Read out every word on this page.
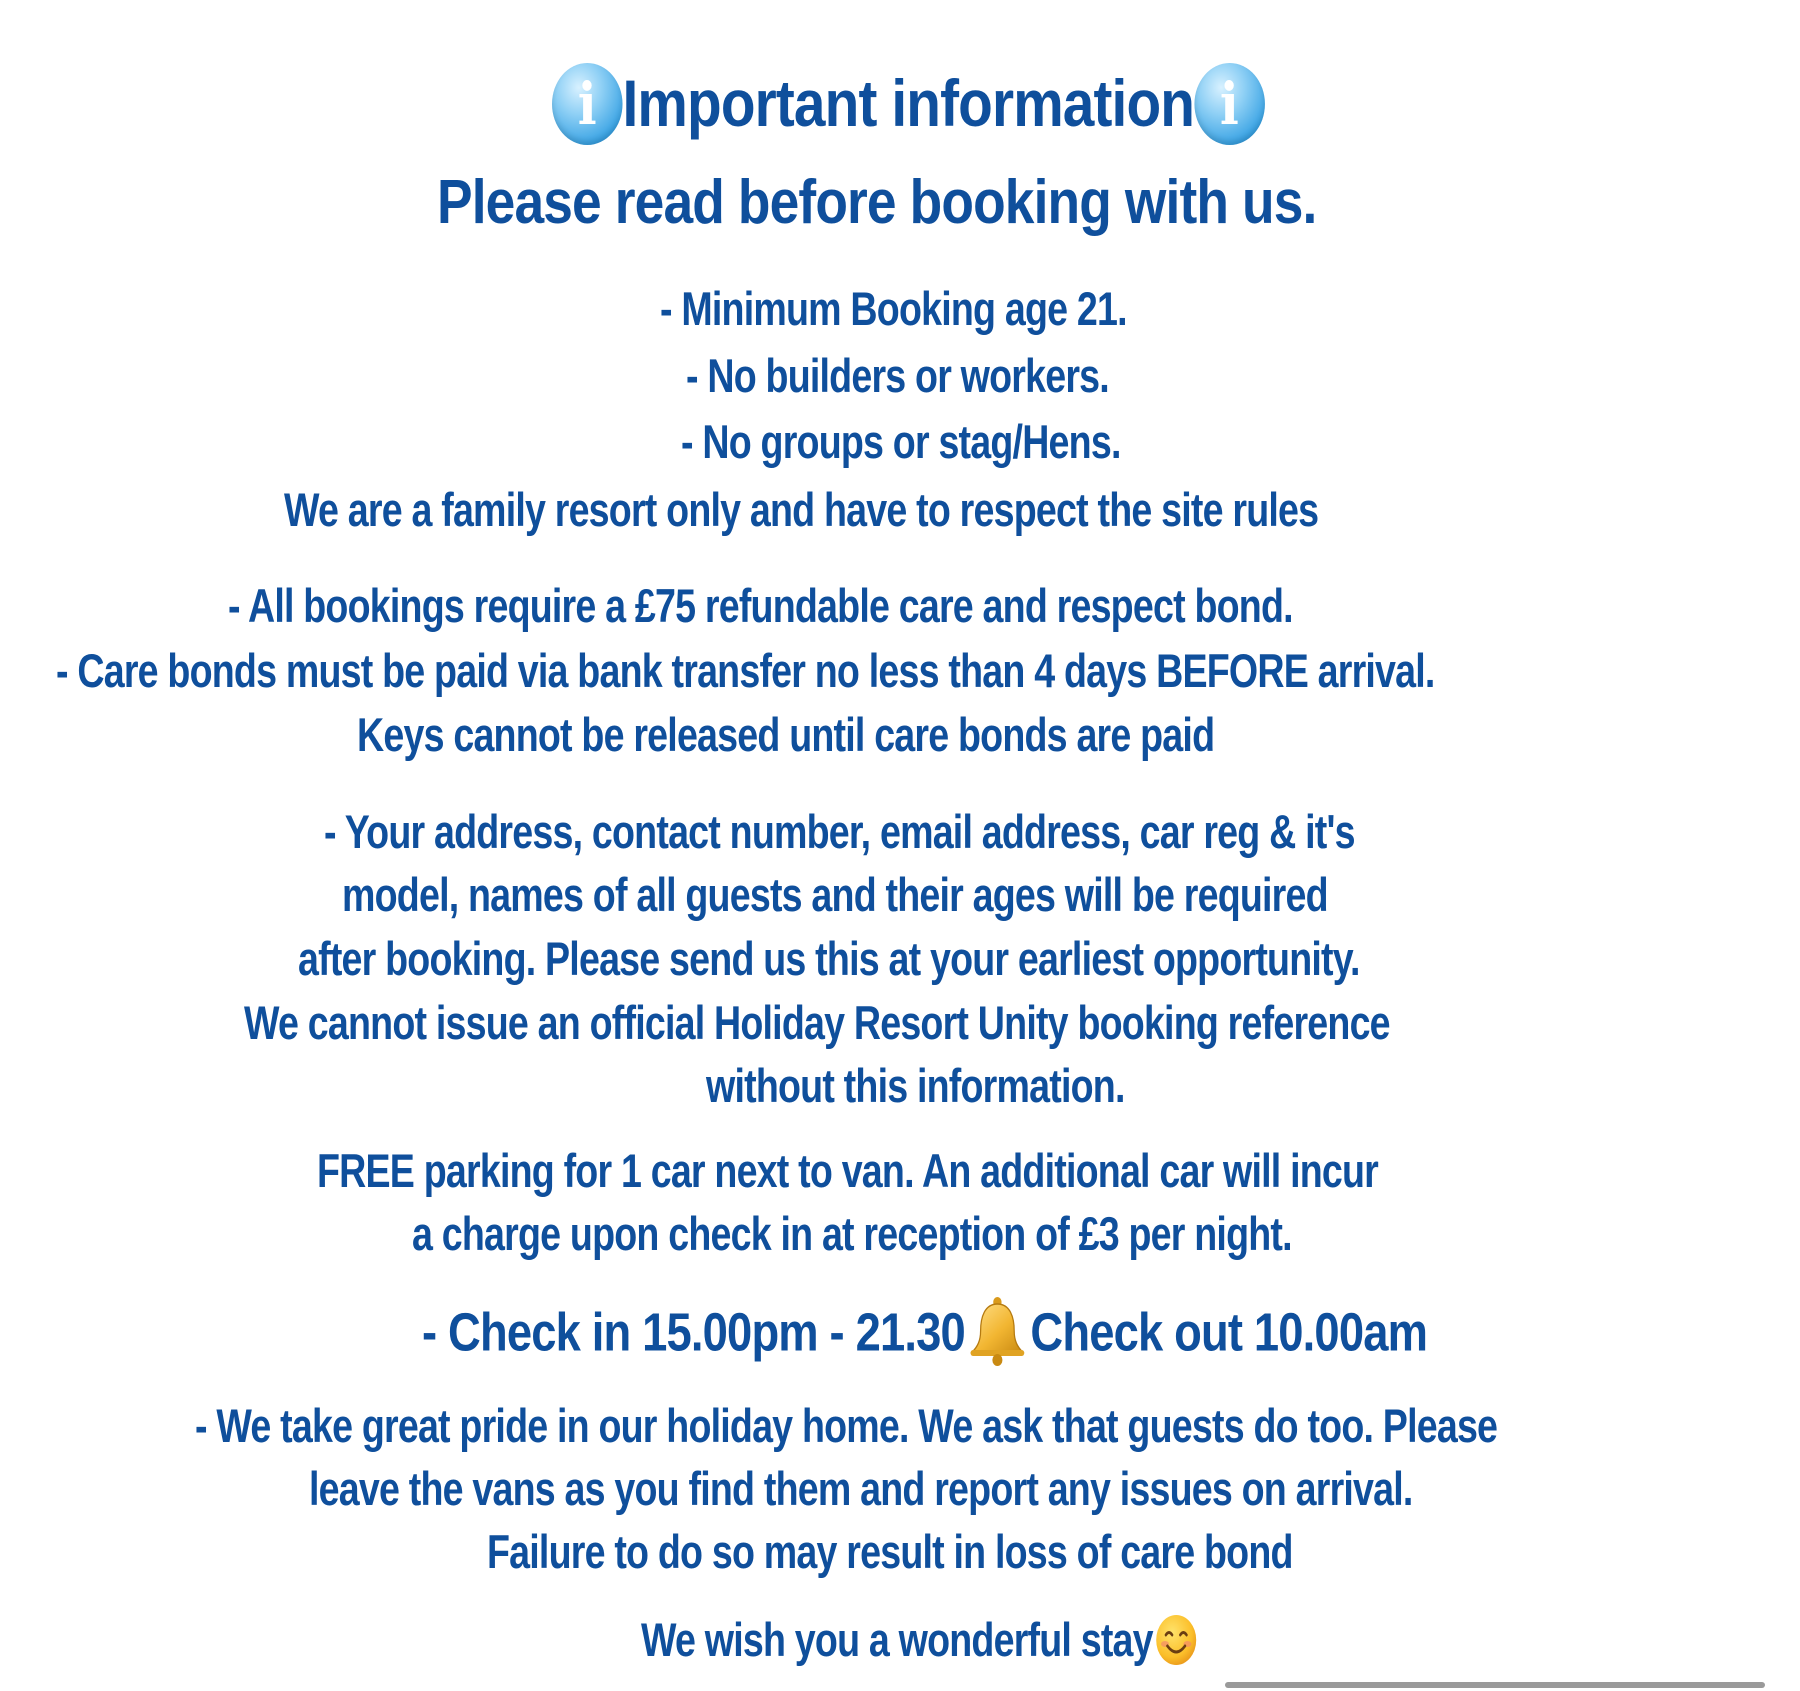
i Important information i
Please read before booking with us.
- Minimum Booking age 21.
- No builders or workers.
- No groups or stag/Hens.
We are a family resort only and have to respect the site rules
- All bookings require a £75 refundable care and respect bond.
- Care bonds must be paid via bank transfer no less than 4 days BEFORE arrival.
Keys cannot be released until care bonds are paid
- Your address, contact number, email address, car reg & it's
model, names of all guests and their ages will be required
after booking. Please send us this at your earliest opportunity.
We cannot issue an official Holiday Resort Unity booking reference
without this information.
FREE parking for 1 car next to van. An additional car will incur
a charge upon check in at reception of £3 per night.
- Check in 15.00pm - 21.30 Check out 10.00am
- We take great pride in our holiday home. We ask that guests do too. Please
leave the vans as you find them and report any issues on arrival.
Failure to do so may result in loss of care bond
We wish you a wonderful stay
